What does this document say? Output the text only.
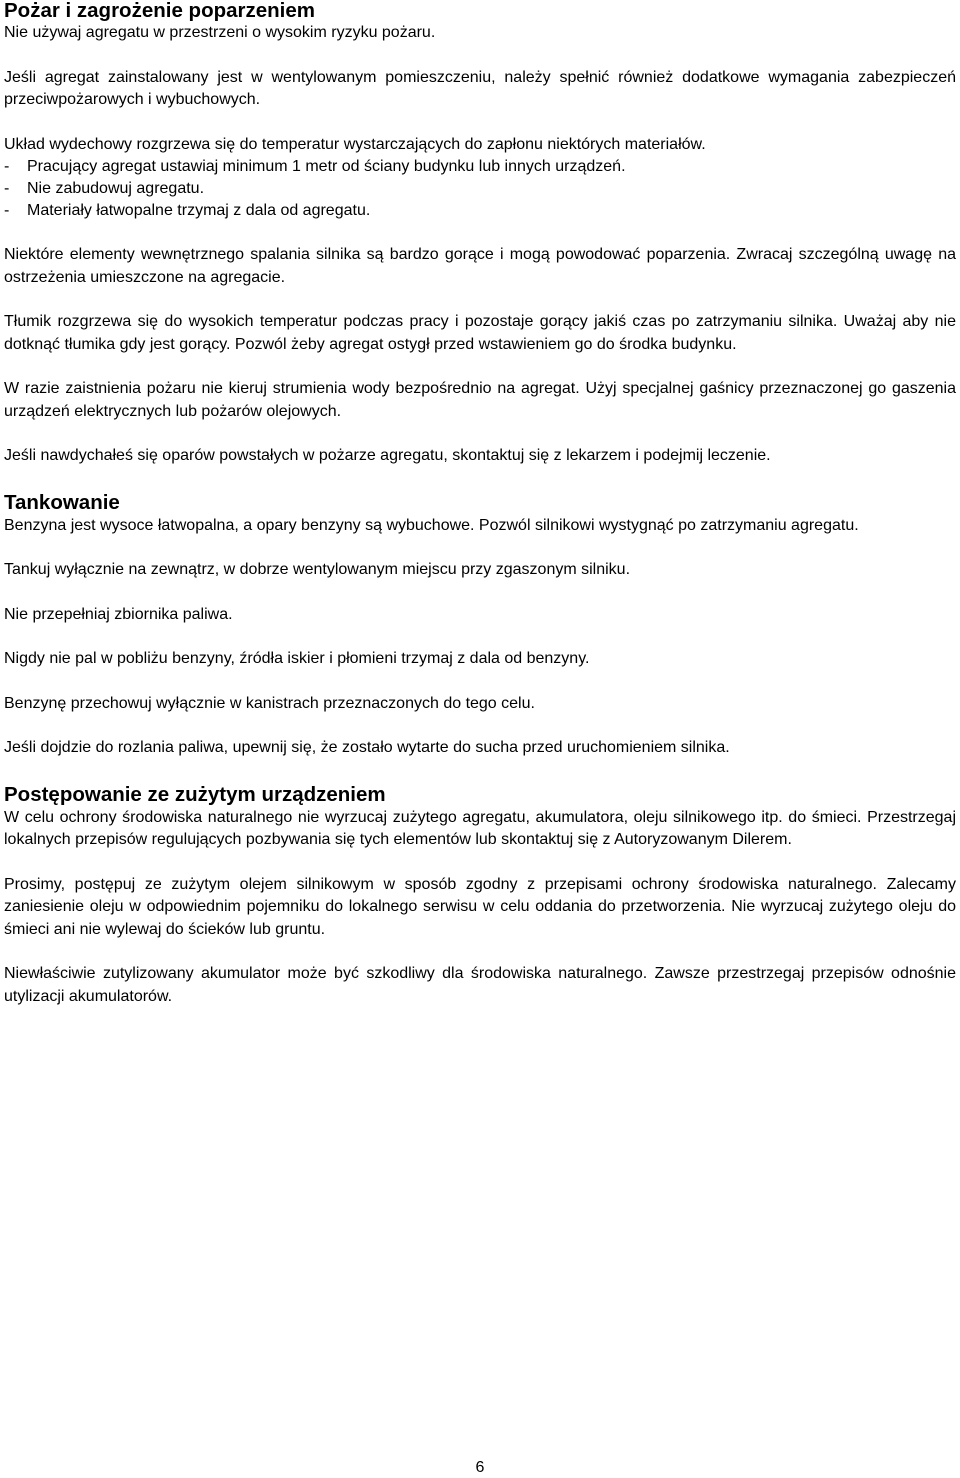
Pożar i zagrożenie poparzeniem

Nie używaj agregatu w przestrzeni o wysokim ryzyku pożaru.

Jeśli agregat zainstalowany jest w wentylowanym pomieszczeniu, należy spełnić również dodatkowe wymagania zabezpieczeń przeciwpożarowych i wybuchowych.

Układ wydechowy rozgrzewa się do temperatur wystarczających do zapłonu niektórych materiałów.

-	Pracujący agregat ustawiaj minimum 1 metr od ściany budynku lub innych urządzeń.
-	Nie zabudowuj agregatu.
-	Materiały łatwopalne trzymaj z dala od agregatu.

Niektóre elementy wewnętrznego spalania silnika są bardzo gorące i mogą powodować poparzenia. Zwracaj szczególną uwagę na ostrzeżenia umieszczone na agregacie.

Tłumik rozgrzewa się do wysokich temperatur podczas pracy i pozostaje gorący jakiś czas po zatrzymaniu silnika. Uważaj aby nie dotknąć tłumika gdy jest gorący. Pozwól żeby agregat ostygł przed wstawieniem go do środka budynku.

W razie zaistnienia pożaru nie kieruj strumienia wody bezpośrednio na agregat. Użyj specjalnej gaśnicy przeznaczonej go gaszenia urządzeń elektrycznych lub pożarów olejowych.

Jeśli nawdychałeś się oparów powstałych w pożarze agregatu, skontaktuj się z lekarzem i podejmij leczenie.

Tankowanie

Benzyna jest wysoce łatwopalna, a opary benzyny są wybuchowe. Pozwól silnikowi wystygnąć po zatrzymaniu agregatu.

Tankuj wyłącznie na zewnątrz, w dobrze wentylowanym miejscu przy zgaszonym silniku.

Nie przepełniaj zbiornika paliwa.

Nigdy nie pal w pobliżu benzyny, źródła iskier i płomieni trzymaj z dala od benzyny.

Benzynę przechowuj wyłącznie w kanistrach przeznaczonych do tego celu.

Jeśli dojdzie do rozlania paliwa, upewnij się, że zostało wytarte do sucha przed uruchomieniem silnika.

Postępowanie ze zużytym urządzeniem

W celu ochrony środowiska naturalnego nie wyrzucaj zużytego agregatu, akumulatora, oleju silnikowego itp. do śmieci. Przestrzegaj lokalnych przepisów regulujących pozbywania się tych elementów lub skontaktuj się z Autoryzowanym Dilerem.

Prosimy, postępuj ze zużytym olejem silnikowym w sposób zgodny z przepisami ochrony środowiska naturalnego. Zalecamy zaniesienie oleju w odpowiednim pojemniku do lokalnego serwisu w celu oddania do przetworzenia. Nie wyrzucaj zużytego oleju do śmieci ani nie wylewaj do ścieków lub gruntu.

Niewłaściwie zutylizowany akumulator może być szkodliwy dla środowiska naturalnego. Zawsze przestrzegaj przepisów odnośnie utylizacji akumulatorów.

6
